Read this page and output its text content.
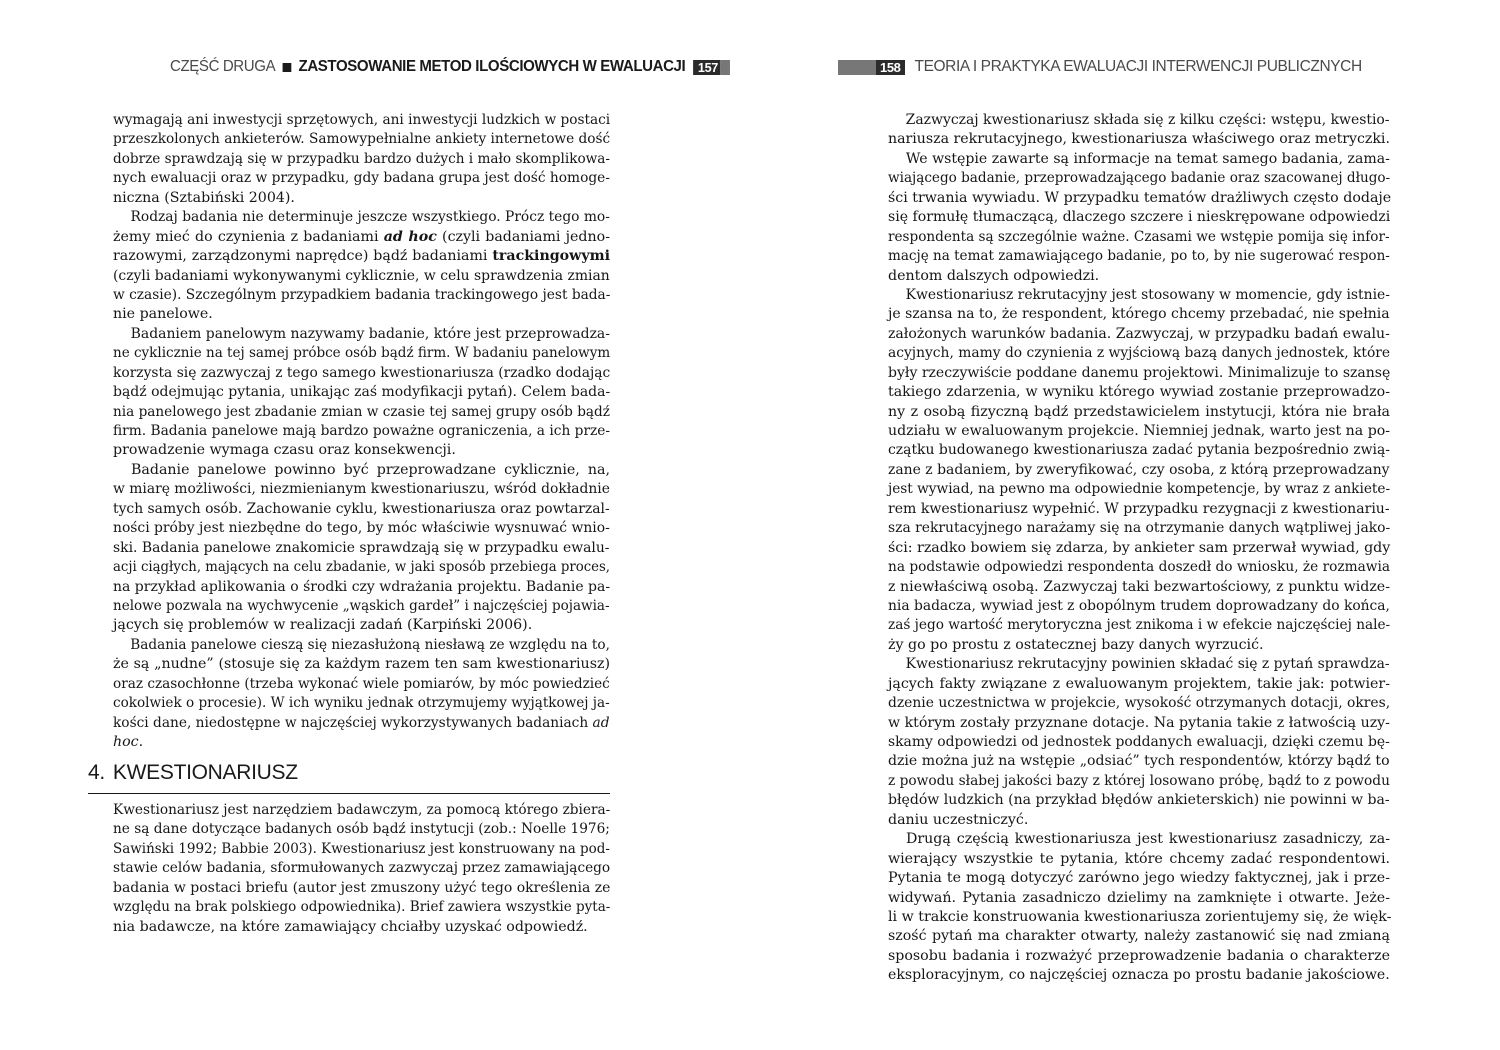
CZĘŚĆ DRUGA ZASTOSOWANIE METOD ILOŚCIOWYCH W EWALUACJI 157
wymagają ani inwestycji sprzętowych, ani inwestycji ludzkich w postaci
przeszkolonych ankieterów. Samowypełnialne ankiety internetowe dość
dobrze sprawdzają się w przypadku bardzo dużych i mało skomplikowa-
nych ewaluacji oraz w przypadku, gdy badana grupa jest dość homoge-
niczna (Sztabiński 2004).
Rodzaj badania nie determinuje jeszcze wszystkiego. Prócz tego mo-
żemy mieć do czynienia z badaniami ad hoc (czyli badaniami jedno-
razowymi, zarządzonymi naprędce) bądź badaniami trackingowymi
(czyli badaniami wykonywanymi cyklicznie, w celu sprawdzenia zmian
w czasie). Szczególnym przypadkiem badania trackingowego jest bada-
nie panelowe.
Badaniem panelowym nazywamy badanie, które jest przeprowadza-
ne cyklicznie na tej samej próbce osób bądź firm. W badaniu panelowym
korzysta się zazwyczaj z tego samego kwestionariusza (rzadko dodając
bądź odejmując pytania, unikając zaś modyfikacji pytań). Celem bada-
nia panelowego jest zbadanie zmian w czasie tej samej grupy osób bądź
firm. Badania panelowe mają bardzo poważne ograniczenia, a ich prze-
prowadzenie wymaga czasu oraz konsekwencji.
Badanie panelowe powinno być przeprowadzane cyklicznie, na,
w miarę możliwości, niezmienianym kwestionariuszu, wśród dokładnie
tych samych osób. Zachowanie cyklu, kwestionariusza oraz powtarzal-
ności próby jest niezbędne do tego, by móc właściwie wysnuwać wnio-
ski. Badania panelowe znakomicie sprawdzają się w przypadku ewalu-
acji ciągłych, mających na celu zbadanie, w jaki sposób przebiega proces,
na przykład aplikowania o środki czy wdrażania projektu. Badanie pa-
nelowe pozwala na wychwycenie „wąskich gardeł” i najczęściej pojawia-
jących się problemów w realizacji zadań (Karpiński 2006).
Badania panelowe cieszą się niezasłużoną niesławą ze względu na to,
że są „nudne” (stosuje się za każdym razem ten sam kwestionariusz)
oraz czasochłonne (trzeba wykonać wiele pomiarów, by móc powiedzieć
cokolwiek o procesie). W ich wyniku jednak otrzymujemy wyjątkowej ja-
kości dane, niedostępne w najczęściej wykorzystywanych badaniach ad
hoc.
4. KWESTIONARIUSZ
Kwestionariusz jest narzędziem badawczym, za pomocą którego zbiera-
ne są dane dotyczące badanych osób bądź instytucji (zob.: Noelle 1976;
Sawiński 1992; Babbie 2003). Kwestionariusz jest konstruowany na pod-
stawie celów badania, sformułowanych zazwyczaj przez zamawiającego
badania w postaci briefu (autor jest zmuszony użyć tego określenia ze
względu na brak polskiego odpowiednika). Brief zawiera wszystkie pyta-
nia badawcze, na które zamawiający chciałby uzyskać odpowiedź.
158 TEORIA I PRAKTYKA EWALUACJI INTERWENCJI PUBLICZNYCH
Zazwyczaj kwestionariusz składa się z kilku części: wstępu, kwestio-
nariusza rekrutacyjnego, kwestionariusza właściwego oraz metryczki.
We wstępie zawarte są informacje na temat samego badania, zama-
wiającego badanie, przeprowadzającego badanie oraz szacowanej długo-
ści trwania wywiadu. W przypadku tematów drażliwych często dodaje
się formułę tłumaczącą, dlaczego szczere i nieskrępowane odpowiedzi
respondenta są szczególnie ważne. Czasami we wstępie pomija się infor-
mację na temat zamawiającego badanie, po to, by nie sugerować respon-
dentom dalszych odpowiedzi.
Kwestionariusz rekrutacyjny jest stosowany w momencie, gdy istnie-
je szansa na to, że respondent, którego chcemy przebadać, nie spełnia
założonych warunków badania. Zazwyczaj, w przypadku badań ewalu-
acyjnych, mamy do czynienia z wyjściową bazą danych jednostek, które
były rzeczywiście poddane danemu projektowi. Minimalizuje to szansę
takiego zdarzenia, w wyniku którego wywiad zostanie przeprowadzo-
ny z osobą fizyczną bądź przedstawicielem instytucji, która nie brała
udziału w ewaluowanym projekcie. Niemniej jednak, warto jest na po-
czątku budowanego kwestionariusza zadać pytania bezpośrednio zwią-
zane z badaniem, by zweryfikować, czy osoba, z którą przeprowadzany
jest wywiad, na pewno ma odpowiednie kompetencje, by wraz z ankiete-
rem kwestionariusz wypełnić. W przypadku rezygnacji z kwestionariu-
sza rekrutacyjnego narażamy się na otrzymanie danych wątpliwej jako-
ści: rzadko bowiem się zdarza, by ankieter sam przerwał wywiad, gdy
na podstawie odpowiedzi respondenta doszedł do wniosku, że rozmawia
z niewłaściwą osobą. Zazwyczaj taki bezwartościowy, z punktu widze-
nia badacza, wywiad jest z obopólnym trudem doprowadzany do końca,
zaś jego wartość merytoryczna jest znikoma i w efekcie najczęściej nale-
ży go po prostu z ostatecznej bazy danych wyrzucić.
Kwestionariusz rekrutacyjny powinien składać się z pytań sprawdza-
jących fakty związane z ewaluowanym projektem, takie jak: potwier-
dzenie uczestnictwa w projekcie, wysokość otrzymanych dotacji, okres,
w którym zostały przyznane dotacje. Na pytania takie z łatwością uzy-
skamy odpowiedzi od jednostek poddanych ewaluacji, dzięki czemu bę-
dzie można już na wstępie „odsiać” tych respondentów, którzy bądź to
z powodu słabej jakości bazy z której losowano próbę, bądź to z powodu
błędów ludzkich (na przykład błędów ankieterskich) nie powinni w ba-
daniu uczestniczyć.
Drugą częścią kwestionariusza jest kwestionariusz zasadniczy, za-
wierający wszystkie te pytania, które chcemy zadać respondentowi.
Pytania te mogą dotyczyć zarówno jego wiedzy faktycznej, jak i prze-
widywań. Pytania zasadniczo dzielimy na zamknięte i otwarte. Jeże-
li w trakcie konstruowania kwestionariusza zorientujemy się, że więk-
szość pytań ma charakter otwarty, należy zastanowić się nad zmianą
sposobu badania i rozważyć przeprowadzenie badania o charakterze
eksploracyjnym, co najczęściej oznacza po prostu badanie jakościowe.
